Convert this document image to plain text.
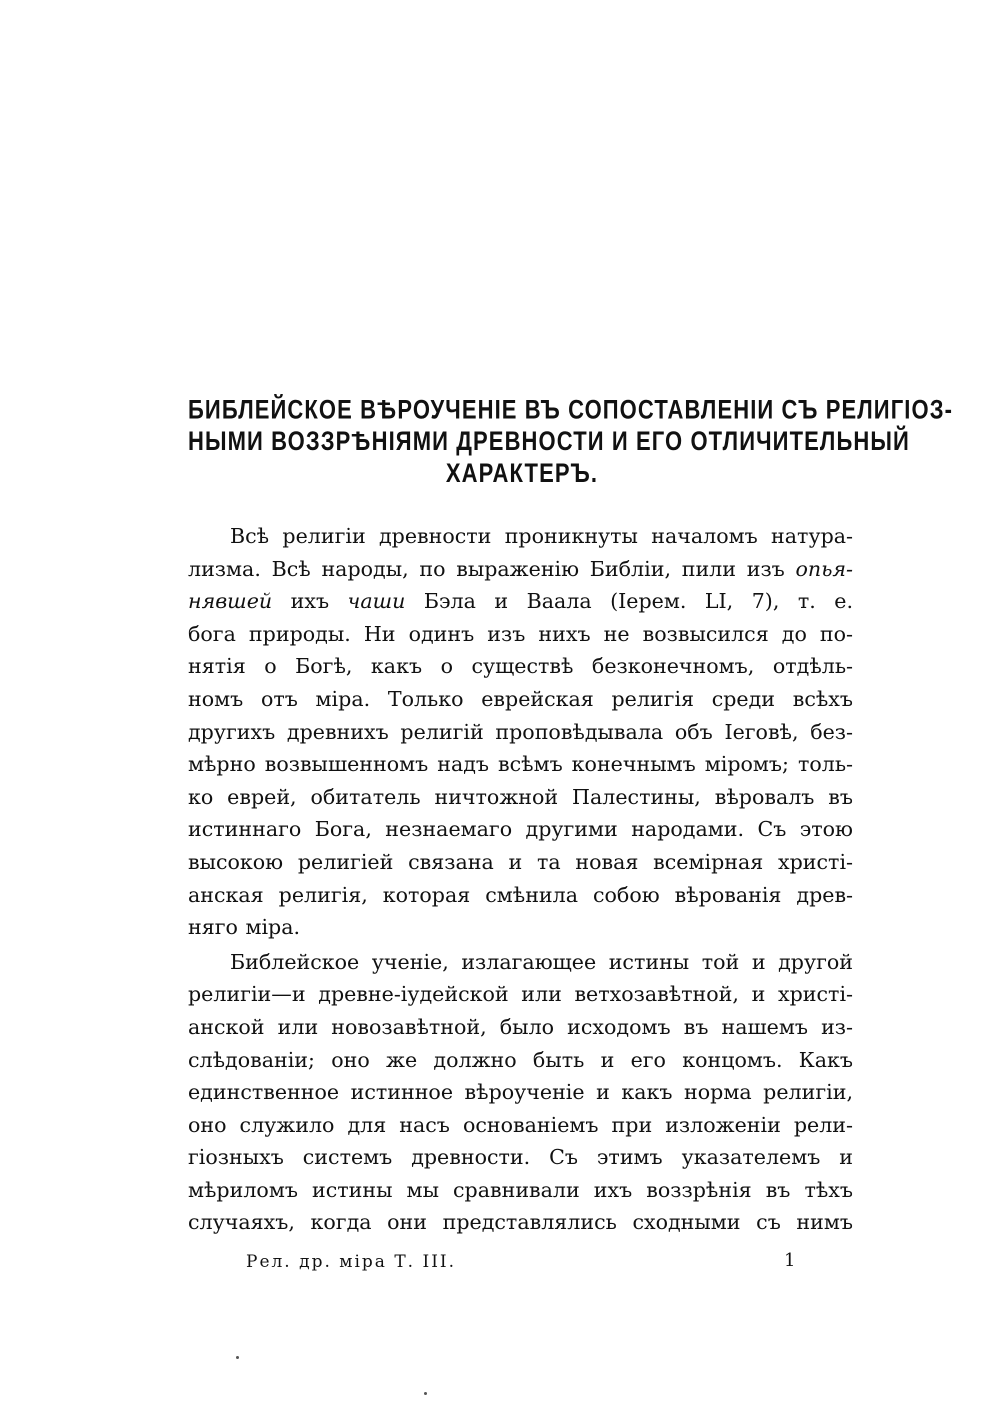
БИБЛЕЙСКОЕ ВѢРОУЧЕНІЕ ВЪ СОПОСТАВЛЕНІИ СЪ РЕЛИГІОЗ-
НЫМИ ВОЗЗРѢНІЯМИ ДРЕВНОСТИ И ЕГО ОТЛИЧИТЕЛЬНЫЙ
ХАРАКТЕРЪ.

Всѣ религіи древности проникнуты началомъ натура-
лизма. Всѣ народы, по выраженію Библіи, пили изъ опья-
нявшей ихъ чаши Бэла и Ваала (Іерем. LI, 7), т. е.
бога природы. Ни одинъ изъ нихъ не возвысился до по-
нятія о Богѣ, какъ о существѣ безконечномъ, отдѣль-
номъ отъ міра. Только еврейская религія среди всѣхъ
другихъ древнихъ религій проповѣдывала объ Іеговѣ, без-
мѣрно возвышенномъ надъ всѣмъ конечнымъ міромъ; толь-
ко еврей, обитатель ничтожной Палестины, вѣровалъ въ
истиннаго Бога, незнаемаго другими народами. Съ этою
высокою религіей связана и та новая всемірная христі-
анская религія, которая смѣнила собою вѣрованія древ-
няго міра.

Библейское ученіе, излагающее истины той и другой
религіи—и древне-іудейской или ветхозавѣтной, и христі-
анской или новозавѣтной, было исходомъ въ нашемъ из-
слѣдованіи; оно же должно быть и его концомъ. Какъ
единственное истинное вѣроученіе и какъ норма религіи,
оно служило для насъ основаніемъ при изложеніи рели-
гіозныхъ системъ древности. Съ этимъ указателемъ и
мѣриломъ истины мы сравнивали ихъ воззрѣнія въ тѣхъ
случаяхъ, когда они представлялись сходными съ нимъ

Рел. др. міра Т. III.	1
